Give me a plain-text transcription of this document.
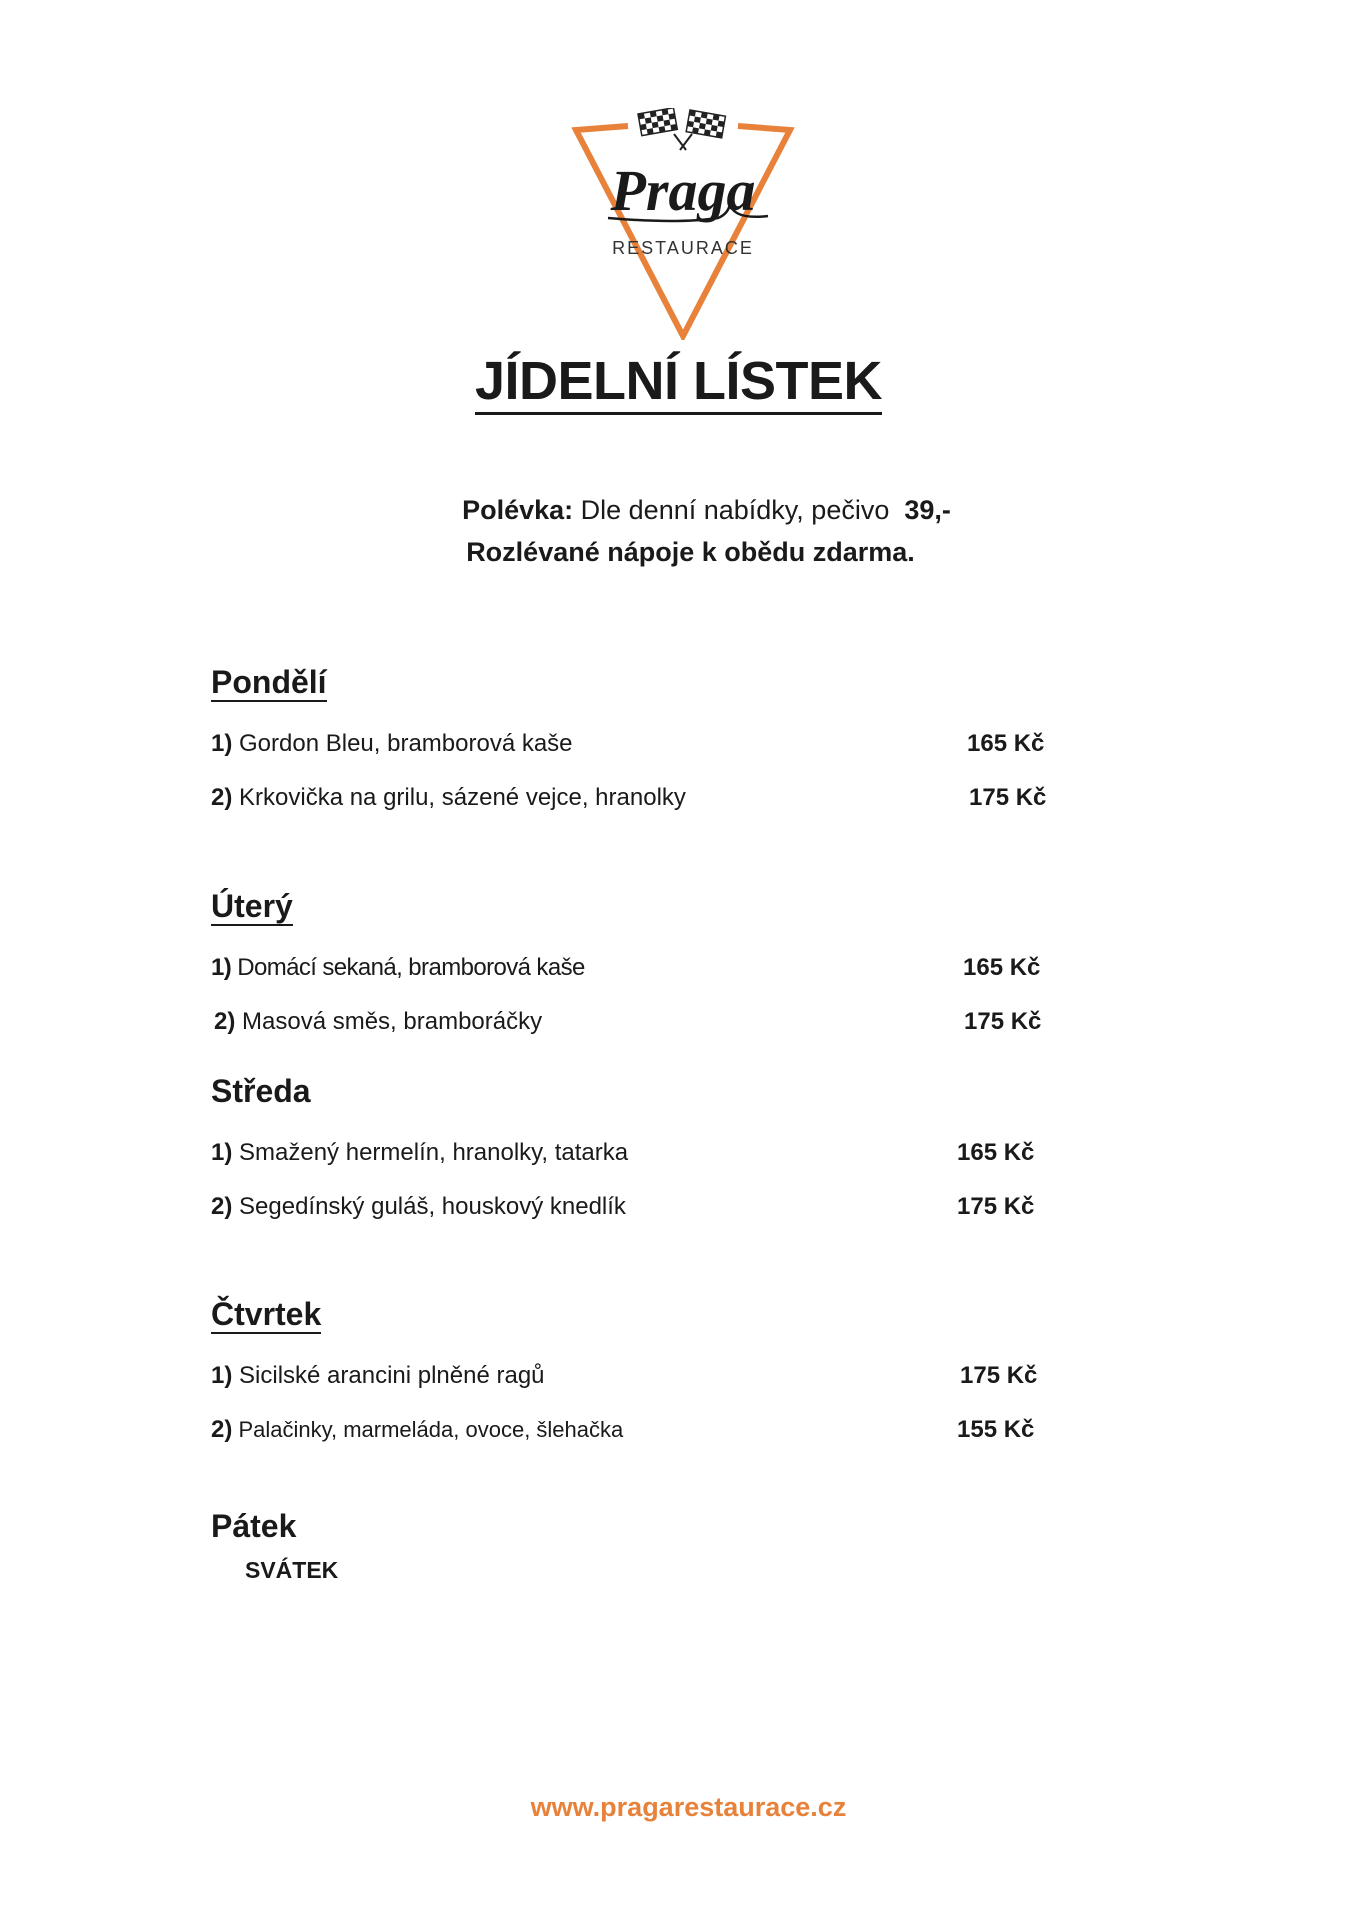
Praga
RESTAURACE
JÍDELNÍ LÍSTEK
Polévka: Dle denní nabídky, pečivo 39,-
Rozlévané nápoje k obědu zdarma.
Pondělí
1) Gordon Bleu, bramborová kaše	165 Kč
2) Krkovička na grilu, sázené vejce, hranolky	175 Kč
Úterý
1) Domácí sekaná, bramborová kaše	165 Kč
2) Masová směs, bramboráčky	175 Kč
Středa
1) Smažený hermelín, hranolky, tatarka	165 Kč
2) Segedínský guláš, houskový knedlík	175 Kč
Čtvrtek
1) Sicilské arancini plněné ragů	175 Kč
2) Palačinky, marmeláda, ovoce, šlehačka	155 Kč
Pátek
SVÁTEK
www.pragarestaurace.cz
